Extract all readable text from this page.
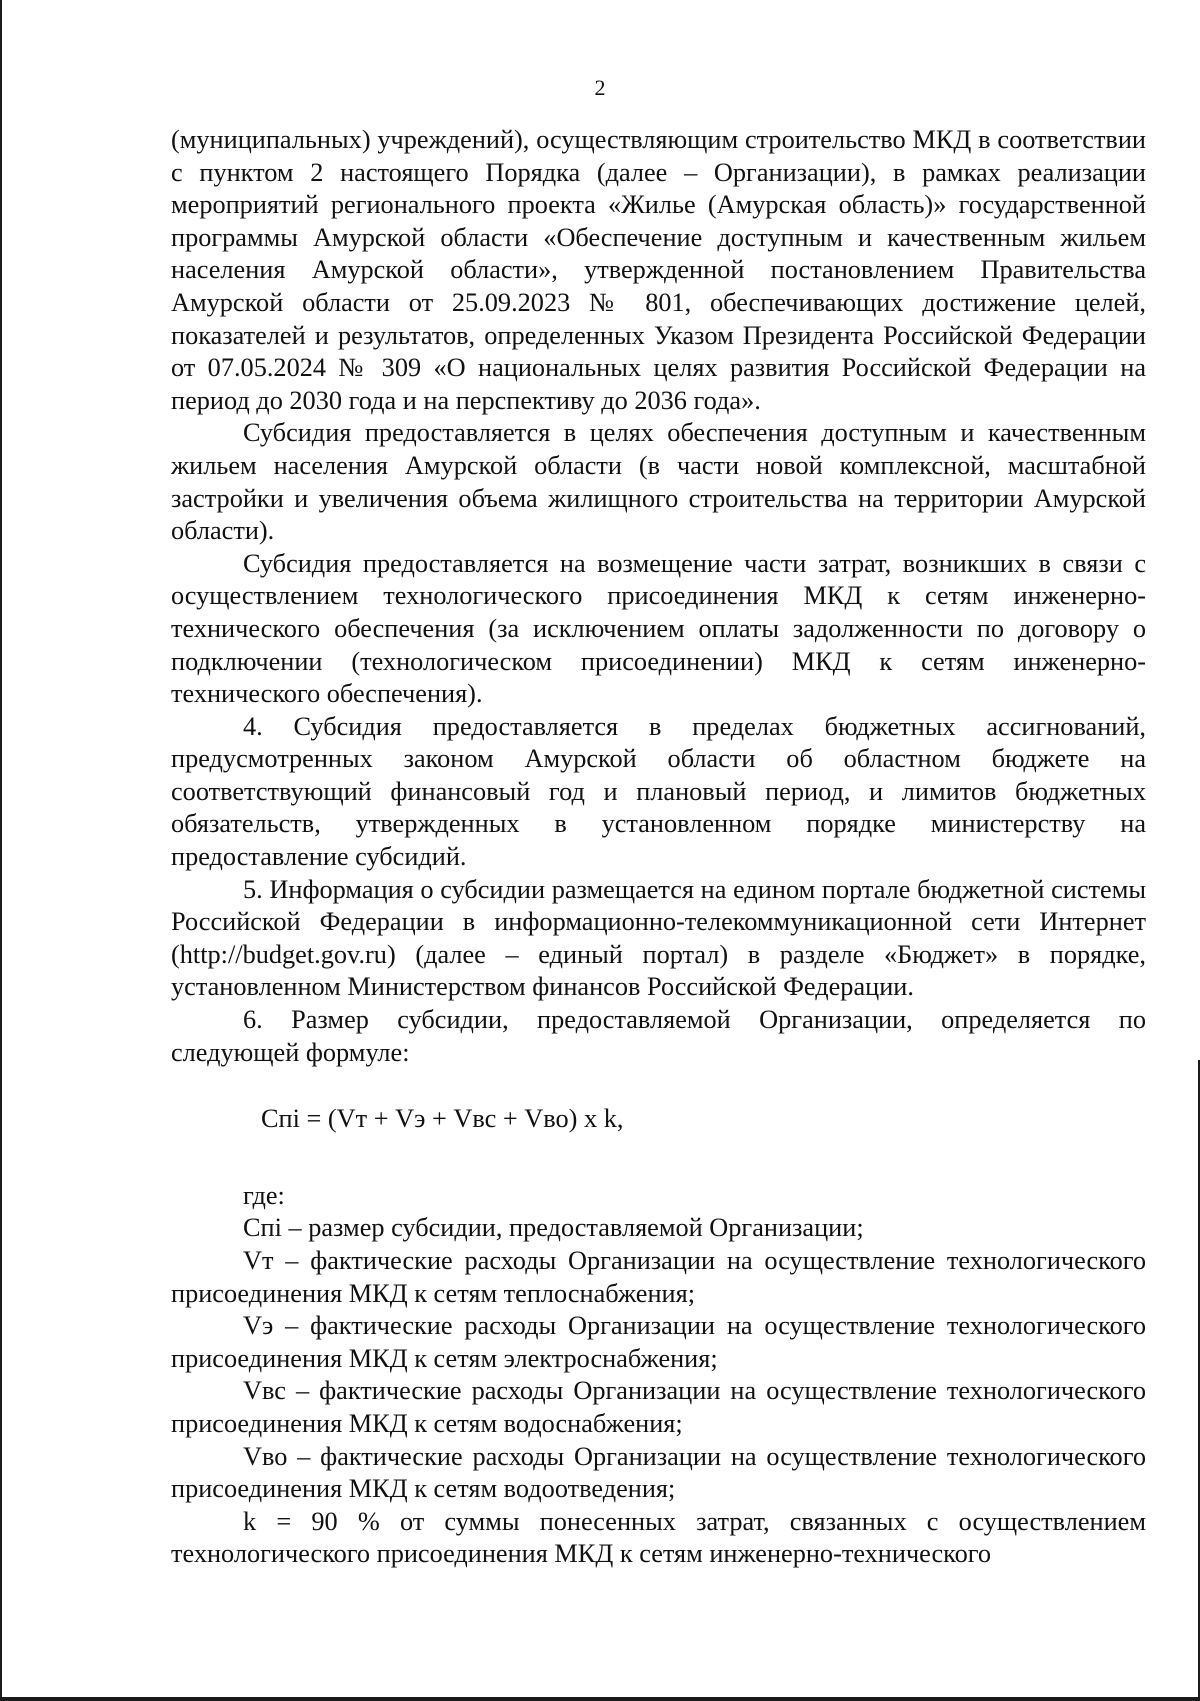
2

(муниципальных) учреждений), осуществляющим строительство МКД в соответствии с пунктом 2 настоящего Порядка (далее – Организации), в рамках реализации мероприятий регионального проекта «Жилье (Амурская область)» государственной программы Амурской области «Обеспечение доступным и качественным жильем населения Амурской области», утвержденной постановлением Правительства Амурской области от 25.09.2023 № 801, обеспечивающих достижение целей, показателей и результатов, определенных Указом Президента Российской Федерации от 07.05.2024 № 309 «О национальных целях развития Российской Федерации на период до 2030 года и на перспективу до 2036 года».

Субсидия предоставляется в целях обеспечения доступным и качественным жильем населения Амурской области (в части новой комплексной, масштабной застройки и увеличения объема жилищного строительства на территории Амурской области).

Субсидия предоставляется на возмещение части затрат, возникших в связи с осуществлением технологического присоединения МКД к сетям инженерно-технического обеспечения (за исключением оплаты задолженности по договору о подключении (технологическом присоединении) МКД к сетям инженерно-технического обеспечения).

4. Субсидия предоставляется в пределах бюджетных ассигнований, предусмотренных законом Амурской области об областном бюджете на соответствующий финансовый год и плановый период, и лимитов бюджетных обязательств, утвержденных в установленном порядке министерству на предоставление субсидий.

5. Информация о субсидии размещается на едином портале бюджетной системы Российской Федерации в информационно-телекоммуникационной сети Интернет (http://budget.gov.ru) (далее – единый портал) в разделе «Бюджет» в порядке, установленном Министерством финансов Российской Федерации.

6. Размер субсидии, предоставляемой Организации, определяется по следующей формуле:

Cпi = (Vт + Vэ + Vвс + Vво) x k,

где:

Cпi – размер субсидии, предоставляемой Организации;

Vт – фактические расходы Организации на осуществление технологического присоединения МКД к сетям теплоснабжения;

Vэ – фактические расходы Организации на осуществление технологического присоединения МКД к сетям электроснабжения;

Vвс – фактические расходы Организации на осуществление технологического присоединения МКД к сетям водоснабжения;

Vво – фактические расходы Организации на осуществление технологического присоединения МКД к сетям водоотведения;

k = 90 % от суммы понесенных затрат, связанных с осуществлением технологического присоединения МКД к сетям инженерно-технического
